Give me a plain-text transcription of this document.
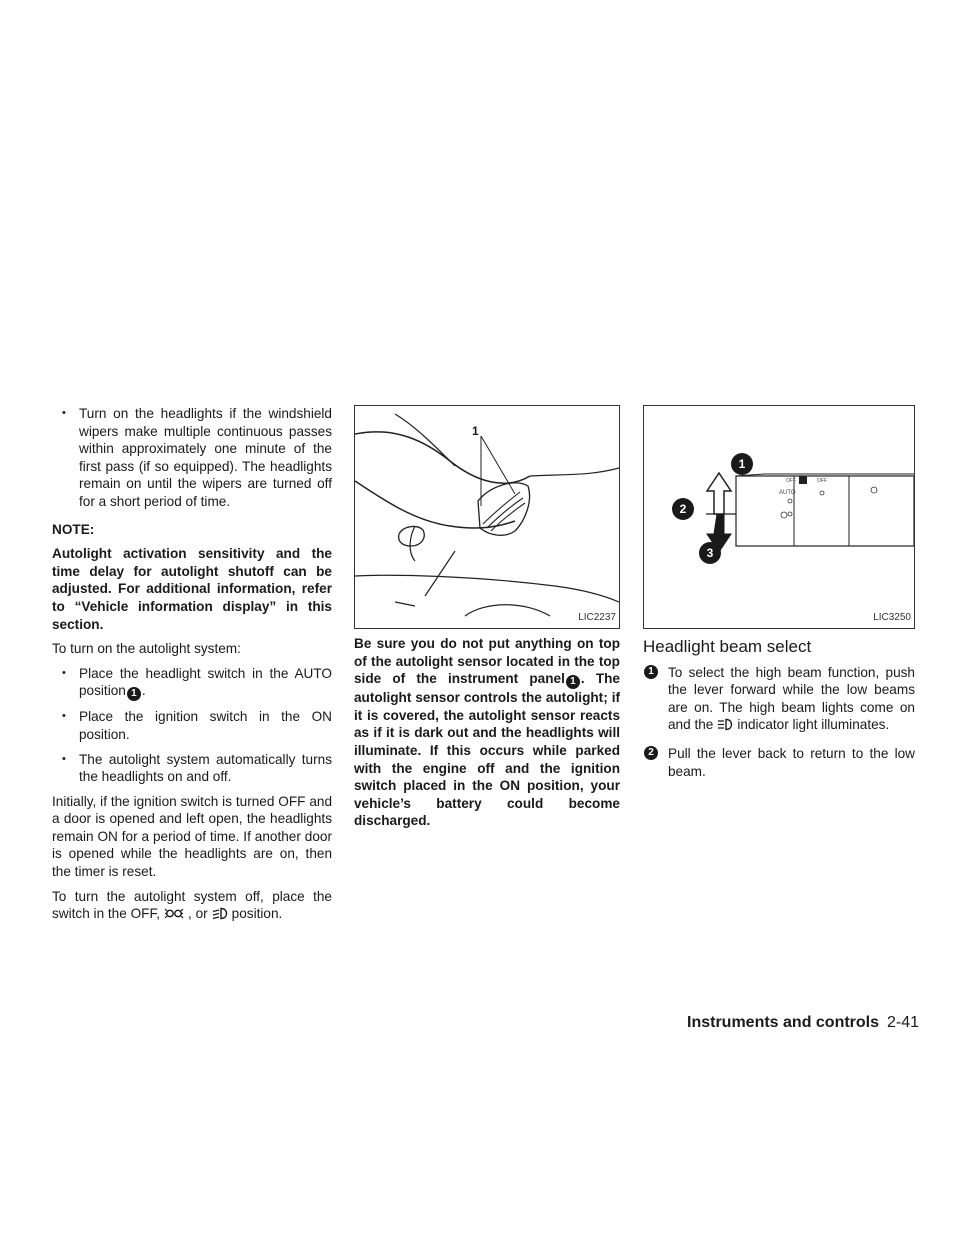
• Turn on the headlights if the windshield wipers make multiple continuous passes within approximately one minute of the first pass (if so equipped). The headlights remain on until the wipers are turned off for a short period of time.
NOTE:

Autolight activation sensitivity and the time delay for autolight shutoff can be adjusted. For additional information, refer to “Vehicle information display” in this section.

To turn on the autolight system:

• Place the headlight switch in the AUTO position 1 .
• Place the ignition switch in the ON position.
• The autolight system automatically turns the headlights on and off.

Initially, if the ignition switch is turned OFF and a door is opened and left open, the headlights remain ON for a period of time. If another door is opened while the headlights are on, then the timer is reset.

To turn the autolight system off, place the switch in the OFF, , or position.

1
LIC2237

Be sure you do not put anything on top of the autolight sensor located in the top side of the instrument panel 1 . The autolight sensor controls the autolight; if it is covered, the autolight sensor reacts as if it is dark out and the headlights will illuminate. If this occurs while parked with the engine off and the ignition switch placed in the ON position, your vehicle’s battery could become discharged.

AUTO
OFF	OFF
1
2
3
LIC3250
Headlight beam select
1	To select the high beam function, push the lever forward while the low beams are on. The high beam lights come on and the indicator light illuminates.
2	Pull the lever back to return to the low beam.
Instruments and controls 2-41
